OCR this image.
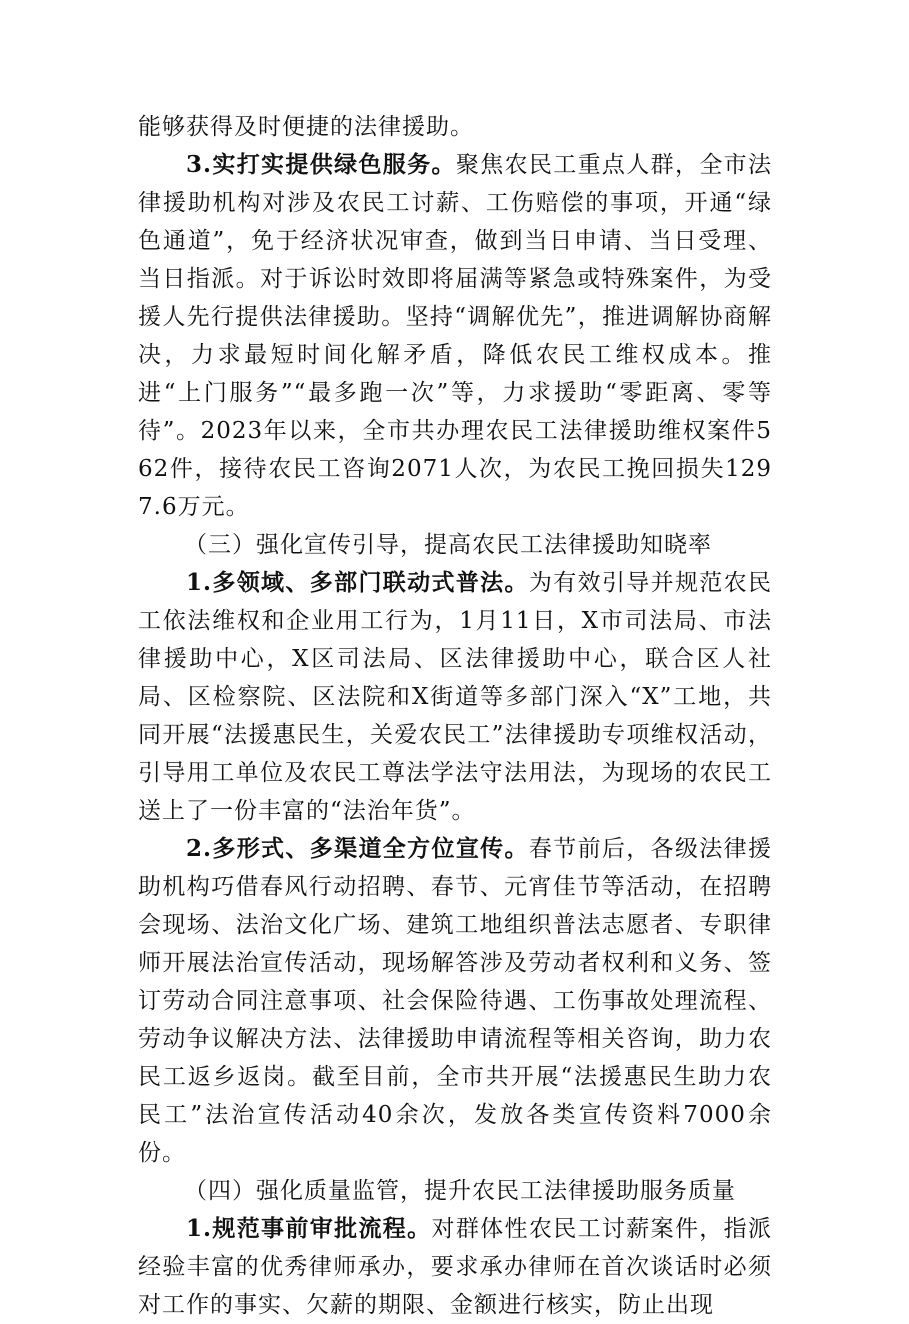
能够获得及时便捷的法律援助。

3.实打实提供绿色服务。聚焦农民工重点人群，全市法律援助机构对涉及农民工讨薪、工伤赔偿的事项，开通“绿色通道”，免于经济状况审查，做到当日申请、当日受理、当日指派。对于诉讼时效即将届满等紧急或特殊案件，为受援人先行提供法律援助。坚持“调解优先”，推进调解协商解决，力求最短时间化解矛盾，降低农民工维权成本。推进“上门服务”“最多跑一次”等，力求援助“零距离、零等待”。2023年以来，全市共办理农民工法律援助维权案件562件，接待农民工咨询2071人次，为农民工挽回损失1297.6万元。

（三）强化宣传引导，提高农民工法律援助知晓率

1.多领域、多部门联动式普法。为有效引导并规范农民工依法维权和企业用工行为，1月11日，X市司法局、市法律援助中心，X区司法局、区法律援助中心，联合区人社局、区检察院、区法院和X街道等多部门深入“X”工地，共同开展“法援惠民生，关爱农民工”法律援助专项维权活动，引导用工单位及农民工尊法学法守法用法，为现场的农民工送上了一份丰富的“法治年货”。

2.多形式、多渠道全方位宣传。春节前后，各级法律援助机构巧借春风行动招聘、春节、元宵佳节等活动，在招聘会现场、法治文化广场、建筑工地组织普法志愿者、专职律师开展法治宣传活动，现场解答涉及劳动者权利和义务、签订劳动合同注意事项、社会保险待遇、工伤事故处理流程、劳动争议解决方法、法律援助申请流程等相关咨询，助力农民工返乡返岗。截至目前，全市共开展“法援惠民生助力农民工”法治宣传活动40余次，发放各类宣传资料7000余份。

（四）强化质量监管，提升农民工法律援助服务质量

1.规范事前审批流程。对群体性农民工讨薪案件，指派经验丰富的优秀律师承办，要求承办律师在首次谈话时必须对工作的事实、欠薪的期限、金额进行核实，防止出现
